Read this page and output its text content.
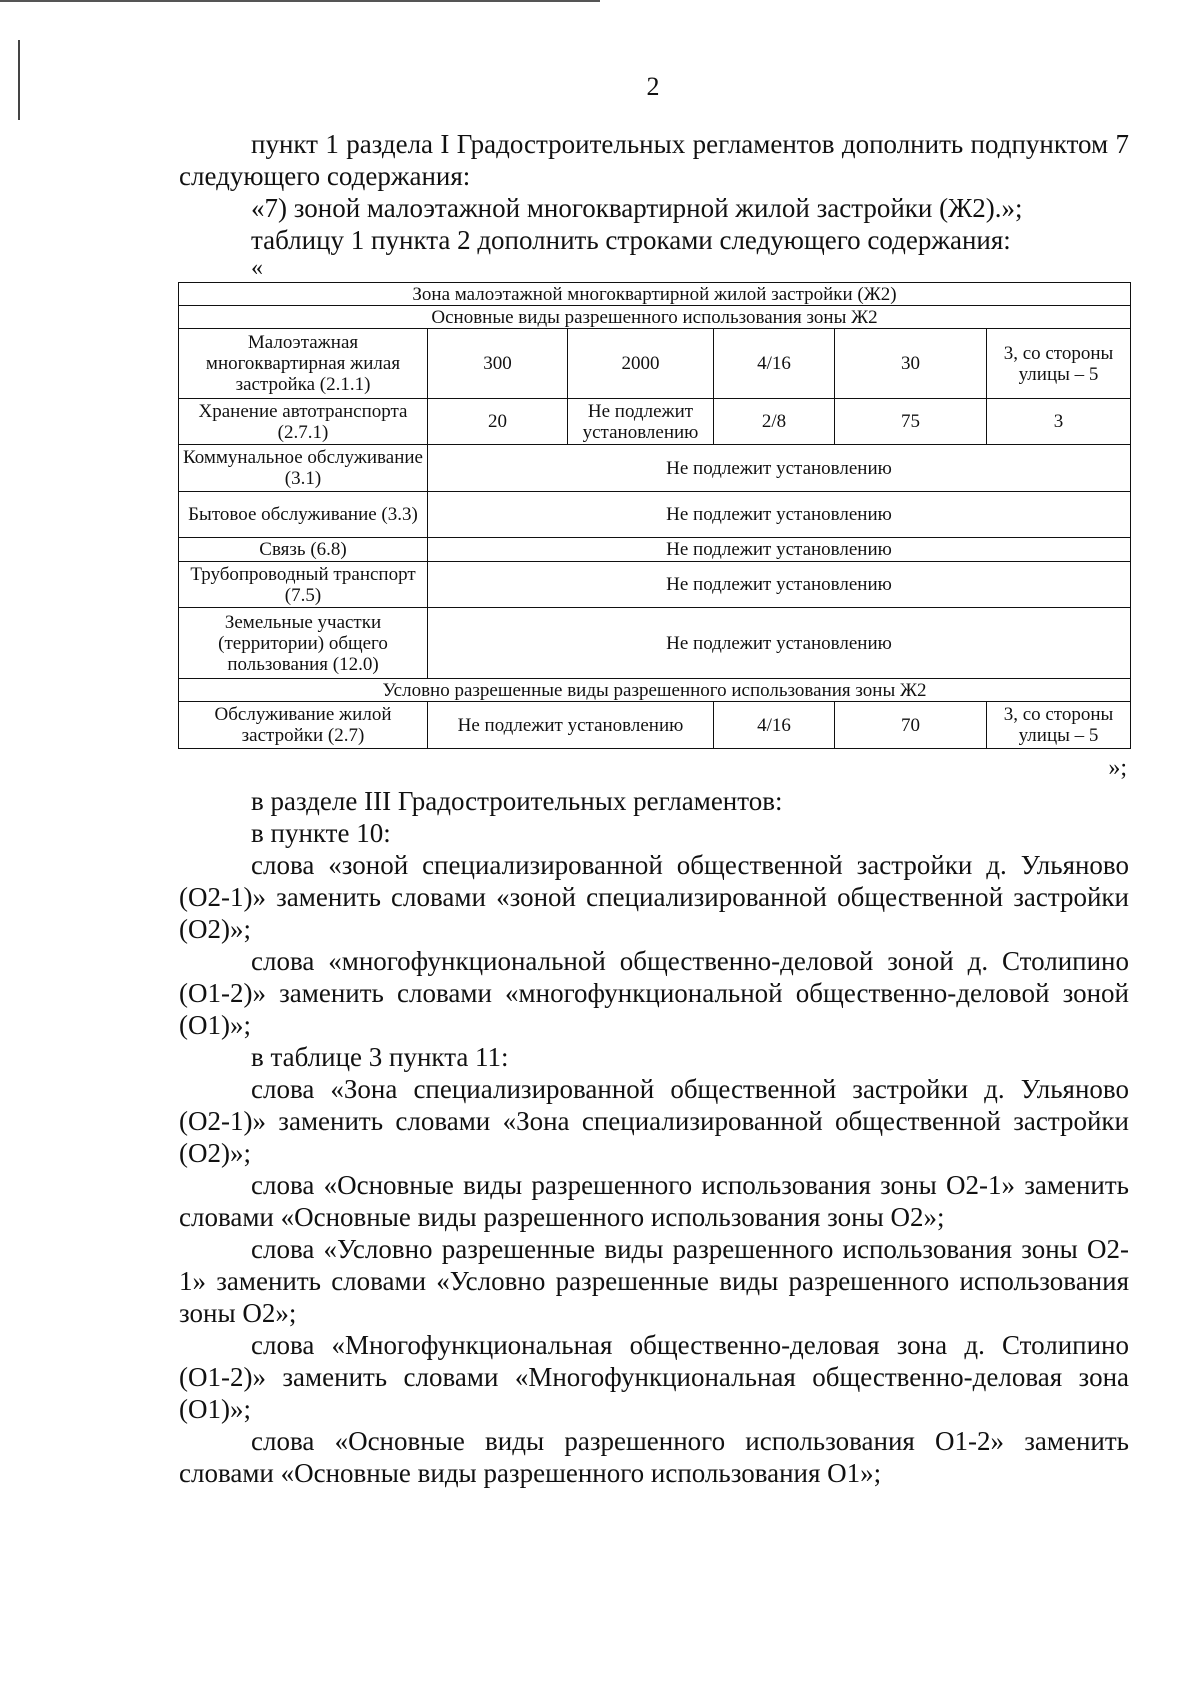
2

пункт 1 раздела I Градостроительных регламентов дополнить подпунктом 7 следующего содержания:

«7) зоной малоэтажной многоквартирной жилой застройки (Ж2).»;

таблицу 1 пункта 2 дополнить строками следующего содержания:

«
Зона малоэтажной многоквартирной жилой застройки (Ж2)					
Основные виды разрешенного использования зоны Ж2					
Малоэтажная многоквартирная жилая застройка (2.1.1)	300	2000	4/16	30	3, со стороны улицы – 5
Хранение автотранспорта (2.7.1)	20	Не подлежит установлению	2/8	75	3
Коммунальное обслуживание (3.1)	Не подлежит установлению				
Бытовое обслуживание (3.3)	Не подлежит установлению				
Связь (6.8)	Не подлежит установлению				
Трубопроводный транспорт (7.5)	Не подлежит установлению				
Земельные участки (территории) общего пользования (12.0)	Не подлежит установлению				
Условно разрешенные виды разрешенного использования зоны Ж2					
Обслуживание жилой застройки (2.7)	Не подлежит установлению		4/16	70	3, со стороны улицы – 5
»;

в разделе III Градостроительных регламентов:

в пункте 10:

слова «зоной специализированной общественной застройки д. Ульяново (О2-1)» заменить словами «зоной специализированной общественной застройки (О2)»;

слова «многофункциональной общественно-деловой зоной д. Столипино (О1-2)» заменить словами «многофункциональной общественно-деловой зоной (О1)»;

в таблице 3 пункта 11:

слова «Зона специализированной общественной застройки д. Ульяново (О2-1)» заменить словами «Зона специализированной общественной застройки (О2)»;

слова «Основные виды разрешенного использования зоны О2-1» заменить словами «Основные виды разрешенного использования зоны О2»;

слова «Условно разрешенные виды разрешенного использования зоны О2-1» заменить словами «Условно разрешенные виды разрешенного использования зоны О2»;

слова «Многофункциональная общественно-деловая зона д. Столипино (О1-2)» заменить словами «Многофункциональная общественно-деловая зона (О1)»;

слова «Основные виды разрешенного использования О1-2» заменить словами «Основные виды разрешенного использования О1»;
